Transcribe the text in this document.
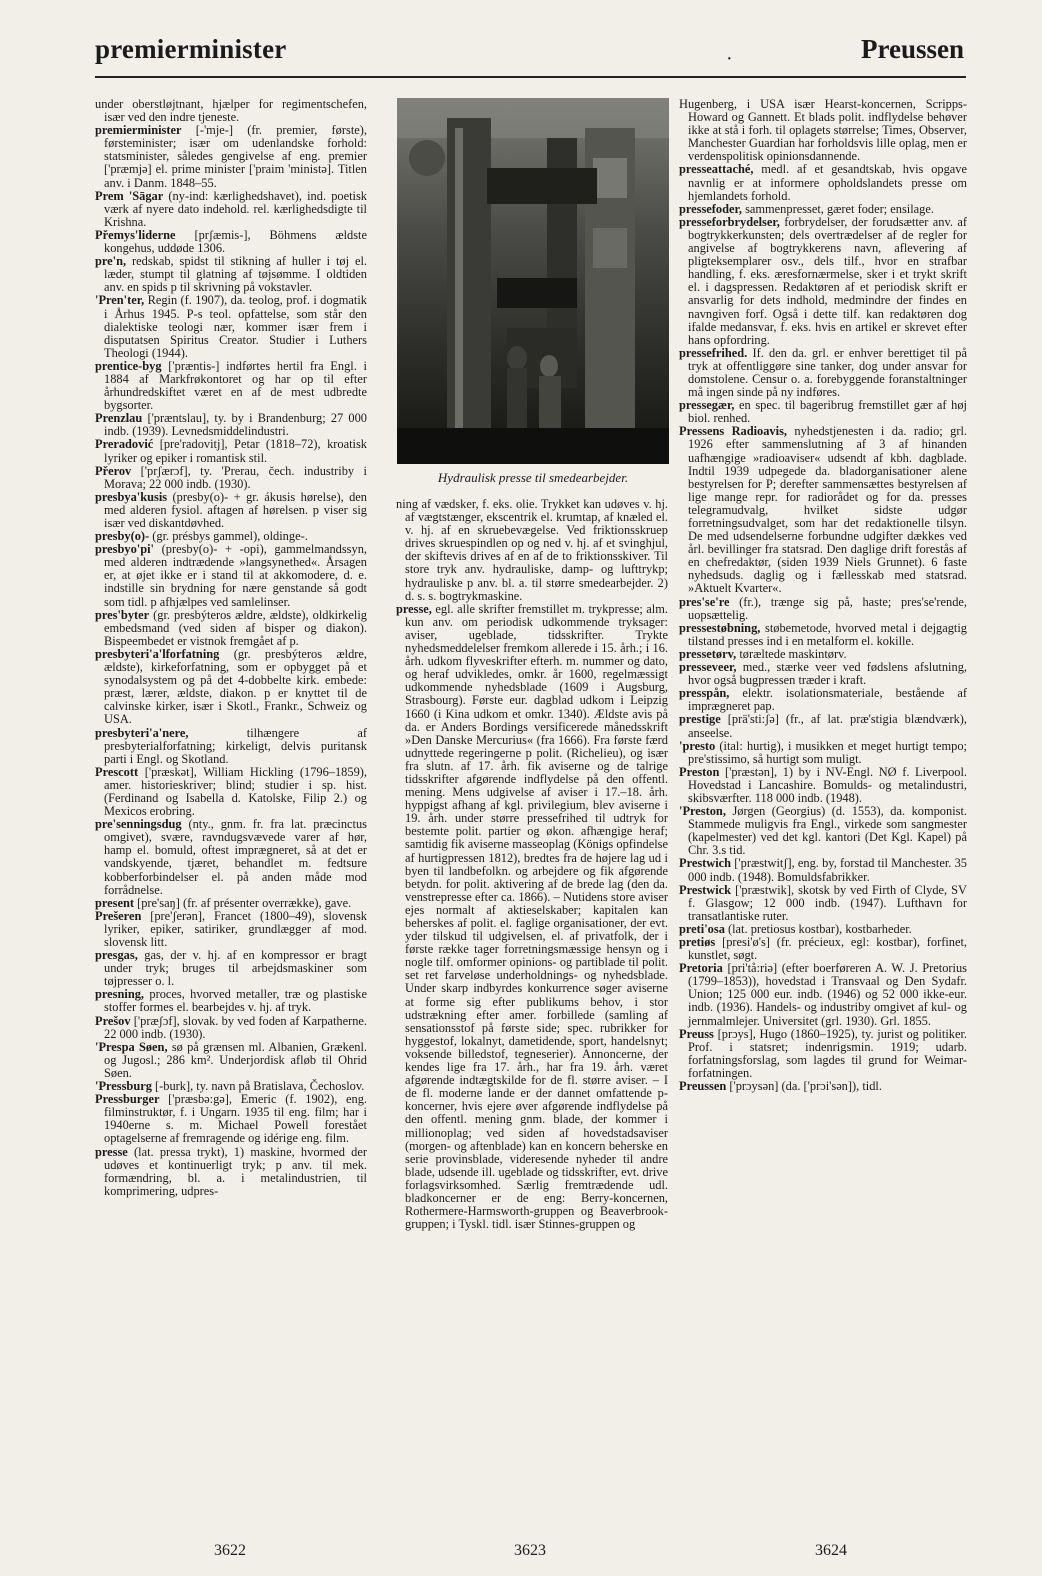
premierminister	·	Preussen

under oberstløjtnant, hjælper for regimentschefen, især ved den indre tjeneste.

premierminister [-'mje-] (fr. premier, første), førsteminister; især om udenlandske forhold: statsminister, således gengivelse af eng. premier ['præmjə] el. prime minister ['praim 'ministə]. Titlen anv. i Danm. 1848–55.

Prem 'Sāgar (ny-ind: kærlighedshavet), ind. poetisk værk af nyere dato indehold. rel. kærlighedsdigte til Krishna.

Přemys'liderne [prʃæmis-], Böhmens ældste kongehus, uddøde 1306.

pre'n, redskab, spidst til stikning af huller i tøj el. læder, stumpt til glatning af tøjsømme. I oldtiden anv. en spids p til skrivning på vokstavler.

'Pren'ter, Regin (f. 1907), da. teolog, prof. i dogmatik i Århus 1945. P-s teol. opfattelse, som står den dialektiske teologi nær, kommer især frem i disputatsen Spiritus Creator. Studier i Luthers Theologi (1944).

prentice-byg ['præntis-] indførtes hertil fra Engl. i 1884 af Markfrøkontoret og har op til efter århundredskiftet været en af de mest udbredte bygsorter.

Prenzlau ['præntslau], ty. by i Brandenburg; 27 000 indb. (1939). Levnedsmiddelindustri.

Preradović [pre'radovitj], Petar (1818–72), kroatisk lyriker og epiker i romantisk stil.

Přerov ['prʃærɔf], ty. 'Prerau, čech. industriby i Morava; 22 000 indb. (1930).

presbya'kusis (presby(o)- + gr. ákusis hørelse), den med alderen fysiol. aftagen af hørelsen. p viser sig især ved diskantdøvhed.

presby(o)- (gr. présbys gammel), oldinge-.

presbyo'pi' (presby(o)- + -opi), gammelmandssyn, med alderen indtrædende »langsynethed«. Årsagen er, at øjet ikke er i stand til at akkomodere, d. e. indstille sin brydning for nære genstande så godt som tidl. p afhjælpes ved samlelinser.

pres'byter (gr. presbýteros ældre, ældste), oldkirkelig embedsmand (ved siden af bisper og diakon). Bispeembedet er vistnok fremgået af p.

presbyteri'a'lforfatning (gr. presbýteros ældre, ældste), kirkeforfatning, som er opbygget på et synodalsystem og på det 4-dobbelte kirk. embede: præst, lærer, ældste, diakon. p er knyttet til de calvinske kirker, især i Skotl., Frankr., Schweiz og USA.

presbyteri'a'nere, tilhængere af presbyterialforfatning; kirkeligt, delvis puritansk parti i Engl. og Skotland.

Prescott ['præskət], William Hickling (1796–1859), amer. historieskriver; blind; studier i sp. hist. (Ferdinand og Isabella d. Katolske, Filip 2.) og Mexicos erobring.

pre'senningsdug (nty., gnm. fr. fra lat. præcinctus omgivet), svære, ravndugsvævede varer af hør, hamp el. bomuld, oftest imprægneret, så at det er vandskyende, tjæret, behandlet m. fedtsure kobberforbindelser el. på anden måde mod forrådnelse.

present [pre'saŋ] (fr. af présenter overrække), gave.

Prešeren [pre'ʃerən], Francet (1800–49), slovensk lyriker, epiker, satiriker, grundlægger af mod. slovensk litt.

presgas, gas, der v. hj. af en kompressor er bragt under tryk; bruges til arbejdsmaskiner som tøjpresser o. l.

presning, proces, hvorved metaller, træ og plastiske stoffer formes el. bearbejdes v. hj. af tryk.

Prešov ['præʃɔf], slovak. by ved foden af Karpatherne. 22 000 indb. (1930).

'Prespa Søen, sø på grænsen ml. Albanien, Grækenl. og Jugosl.; 286 km². Underjordisk afløb til Ohrid Søen.

'Pressburg [-burk], ty. navn på Bratislava, Čechoslov.

Pressburger ['præsbə:gə], Emeric (f. 1902), eng. filminstruktør, f. i Ungarn. 1935 til eng. film; har i 1940erne s. m. Michael Powell forestået optagelserne af fremragende og idérige eng. film.

presse (lat. pressa trykt), 1) maskine, hvormed der udøves et kontinuerligt tryk; p anv. til mek. formændring, bl. a. i metalindustrien, til komprimering, udpres-

Hydraulisk presse til smedearbejder.

ning af vædsker, f. eks. olie. Trykket kan udøves v. hj. af vægtstænger, ekscentrik el. krumtap, af knæled el. v. hj. af en skruebevægelse. Ved friktionsskruep drives skruespindlen op og ned v. hj. af et svinghjul, der skiftevis drives af en af de to friktionsskiver. Til store tryk anv. hydrauliske, damp- og lufttrykp; hydrauliske p anv. bl. a. til større smedearbejder. 2) d. s. s. bogtrykmaskine.

presse, egl. alle skrifter fremstillet m. trykpresse; alm. kun anv. om periodisk udkommende tryksager: aviser, ugeblade, tidsskrifter. Trykte nyhedsmeddelelser fremkom allerede i 15. årh.; i 16. årh. udkom flyveskrifter efterh. m. nummer og dato, og heraf udvikledes, omkr. år 1600, regelmæssigt udkommende nyhedsblade (1609 i Augsburg, Strasbourg). Første eur. dagblad udkom i Leipzig 1660 (i Kina udkom et omkr. 1340). Ældste avis på da. er Anders Bordings versificerede månedsskrift »Den Danske Mercurius« (fra 1666). Fra første færd udnyttede regeringerne p polit. (Richelieu), og især fra slutn. af 17. årh. fik aviserne og de talrige tidsskrifter afgørende indflydelse på den offentl. mening. Mens udgivelse af aviser i 17.–18. årh. hyppigst afhang af kgl. privilegium, blev aviserne i 19. årh. under større pressefrihed til udtryk for bestemte polit. partier og økon. afhængige heraf; samtidig fik aviserne masseoplag (Königs opfindelse af hurtigpressen 1812), bredtes fra de højere lag ud i byen til landbefolkn. og arbejdere og fik afgørende betydn. for polit. aktivering af de brede lag (den da. venstrepresse efter ca. 1866). – Nutidens store aviser ejes normalt af aktieselskaber; kapitalen kan beherskes af polit. el. faglige organisationer, der evt. yder tilskud til udgivelsen, el. af privatfolk, der i første række tager forretningsmæssige hensyn og i nogle tilf. omformer opinions- og partiblade til polit. set ret farveløse underholdnings- og nyhedsblade. Under skarp indbyrdes konkurrence søger aviserne at forme sig efter publikums behov, i stor udstrækning efter amer. forbillede (samling af sensationsstof på første side; spec. rubrikker for hyggestof, lokalnyt, dametidende, sport, handelsnyt; voksende billedstof, tegneserier). Annoncerne, der kendes lige fra 17. årh., har fra 19. årh. været afgørende indtægtskilde for de fl. større aviser. – I de fl. moderne lande er der dannet omfattende p-koncerner, hvis ejere øver afgørende indflydelse på den offentl. mening gnm. blade, der kommer i millionoplag; ved siden af hovedstadsaviser (morgen- og aftenblade) kan en koncern beherske en serie provinsblade, videresende nyheder til andre blade, udsende ill. ugeblade og tidsskrifter, evt. drive forlagsvirksomhed. Særlig fremtrædende udl. bladkoncerner er de eng: Berry-koncernen, Rothermere-Harmsworth-gruppen og Beaverbrook-gruppen; i Tyskl. tidl. især Stinnes-gruppen og

Hugenberg, i USA især Hearst-koncernen, Scripps-Howard og Gannett. Et blads polit. indflydelse behøver ikke at stå i forh. til oplagets størrelse; Times, Observer, Manchester Guardian har forholdsvis lille oplag, men er verdenspolitisk opinionsdannende.

presseattaché, medl. af et gesandtskab, hvis opgave navnlig er at informere opholdslandets presse om hjemlandets forhold.

pressefoder, sammenpresset, gæret foder; ensilage.

presseforbrydelser, forbrydelser, der forudsætter anv. af bogtrykkerkunsten; dels overtrædelser af de regler for angivelse af bogtrykkerens navn, aflevering af pligteksemplarer osv., dels tilf., hvor en strafbar handling, f. eks. æresfornærmelse, sker i et trykt skrift el. i dagspressen. Redaktøren af et periodisk skrift er ansvarlig for dets indhold, medmindre der findes en navngiven forf. Også i dette tilf. kan redaktøren dog ifalde medansvar, f. eks. hvis en artikel er skrevet efter hans opfordring.

pressefrihed. If. den da. grl. er enhver berettiget til på tryk at offentliggøre sine tanker, dog under ansvar for domstolene. Censur o. a. forebyggende foranstaltninger må ingen sinde på ny indføres.

pressegær, en spec. til bageribrug fremstillet gær af høj biol. renhed.

Pressens Radioavis, nyhedstjenesten i da. radio; grl. 1926 efter sammenslutning af 3 af hinanden uafhængige »radioaviser« udsendt af kbh. dagblade. Indtil 1939 udpegede da. bladorganisationer alene bestyrelsen for P; derefter sammensættes bestyrelsen af lige mange repr. for radiorådet og for da. presses telegramudvalg, hvilket sidste udgør forretningsudvalget, som har det redaktionelle tilsyn. De med udsendelserne forbundne udgifter dækkes ved årl. bevillinger fra statsrad. Den daglige drift forestås af en chefredaktør, (siden 1939 Niels Grunnet). 6 faste nyhedsuds. daglig og i fællesskab med statsrad. »Aktuelt Kvarter«.

pres'se're (fr.), trænge sig på, haste; pres'se'rende, uopsættelig.

pressestøbning, støbemetode, hvorved metal i dejgagtig tilstand presses ind i en metalform el. kokille.

pressetørv, tøræltede maskintørv.

presseveer, med., stærke veer ved fødslens afslutning, hvor også bugpressen træder i kraft.

presspån, elektr. isolationsmateriale, bestående af imprægneret pap.

prestige [prä'sti:ʃə] (fr., af lat. præ'stigia blændværk), anseelse.

'presto (ital: hurtig), i musikken et meget hurtigt tempo; pre'stissimo, så hurtigt som muligt.

Preston ['præstən], 1) by i NV-Engl. NØ f. Liverpool. Hovedstad i Lancashire. Bomulds- og metalindustri, skibsværfter. 118 000 indb. (1948).

'Preston, Jørgen (Georgius) (d. 1553), da. komponist. Stammede muligvis fra Engl., virkede som sangmester (kapelmester) ved det kgl. kantori (Det Kgl. Kapel) på Chr. 3.s tid.

Prestwich ['præstwitʃ], eng. by, forstad til Manchester. 35 000 indb. (1948). Bomuldsfabrikker.

Prestwick ['præstwik], skotsk by ved Firth of Clyde, SV f. Glasgow; 12 000 indb. (1947). Lufthavn for transatlantiske ruter.

preti'osa (lat. pretiosus kostbar), kostbarheder.

pretiøs [presi'ø's] (fr. précieux, egl: kostbar), forfinet, kunstlet, søgt.

Pretoria [pri'tå:riə] (efter boerføreren A. W. J. Pretorius (1799–1853)), hovedstad i Transvaal og Den Sydafr. Union; 125 000 eur. indb. (1946) og 52 000 ikke-eur. indb. (1936). Handels- og industriby omgivet af kul- og jernmalmlejer. Universitet (grl. 1930). Grl. 1855.

Preuss [prɔys], Hugo (1860–1925), ty. jurist og politiker. Prof. i statsret; indenrigsmin. 1919; udarb. forfatningsforslag, som lagdes til grund for Weimar-forfatningen.

Preussen ['prɔysən] (da. ['prɔi'sən]), tidl.

3622	3623	3624
